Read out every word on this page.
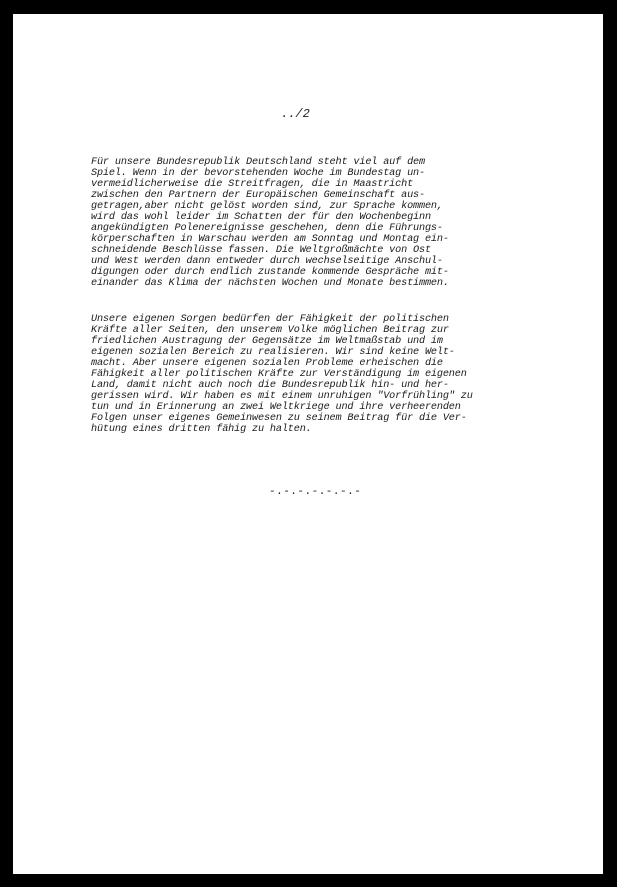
../2

Für unsere Bundesrepublik Deutschland steht viel auf dem
Spiel. Wenn in der bevorstehenden Woche im Bundestag un-
vermeidlicherweise die Streitfragen, die in Maastricht
zwischen den Partnern der Europäischen Gemeinschaft aus-
getragen,aber nicht gelöst worden sind, zur Sprache kommen,
wird das wohl leider im Schatten der für den Wochenbeginn
angekündigten Polenereignisse geschehen, denn die Führungs-
körperschaften in Warschau werden am Sonntag und Montag ein-
schneidende Beschlüsse fassen. Die Weltgroßmächte von Ost
und West werden dann entweder durch wechselseitige Anschul-
digungen oder durch endlich zustande kommende Gespräche mit-
einander das Klima der nächsten Wochen und Monate bestimmen.

Unsere eigenen Sorgen bedürfen der Fähigkeit der politischen
Kräfte aller Seiten, den unserem Volke möglichen Beitrag zur
friedlichen Austragung der Gegensätze im Weltmaßstab und im
eigenen sozialen Bereich zu realisieren. Wir sind keine Welt-
macht. Aber unsere eigenen sozialen Probleme erheischen die
Fähigkeit aller politischen Kräfte zur Verständigung im eigenen
Land, damit nicht auch noch die Bundesrepublik hin- und her-
gerissen wird. Wir haben es mit einem unruhigen "Vorfrühling" zu
tun und in Erinnerung an zwei Weltkriege und ihre verheerenden
Folgen unser eigenes Gemeinwesen zu seinem Beitrag für die Ver-
hütung eines dritten fähig zu halten.

-.-.-.-.-.-.-
